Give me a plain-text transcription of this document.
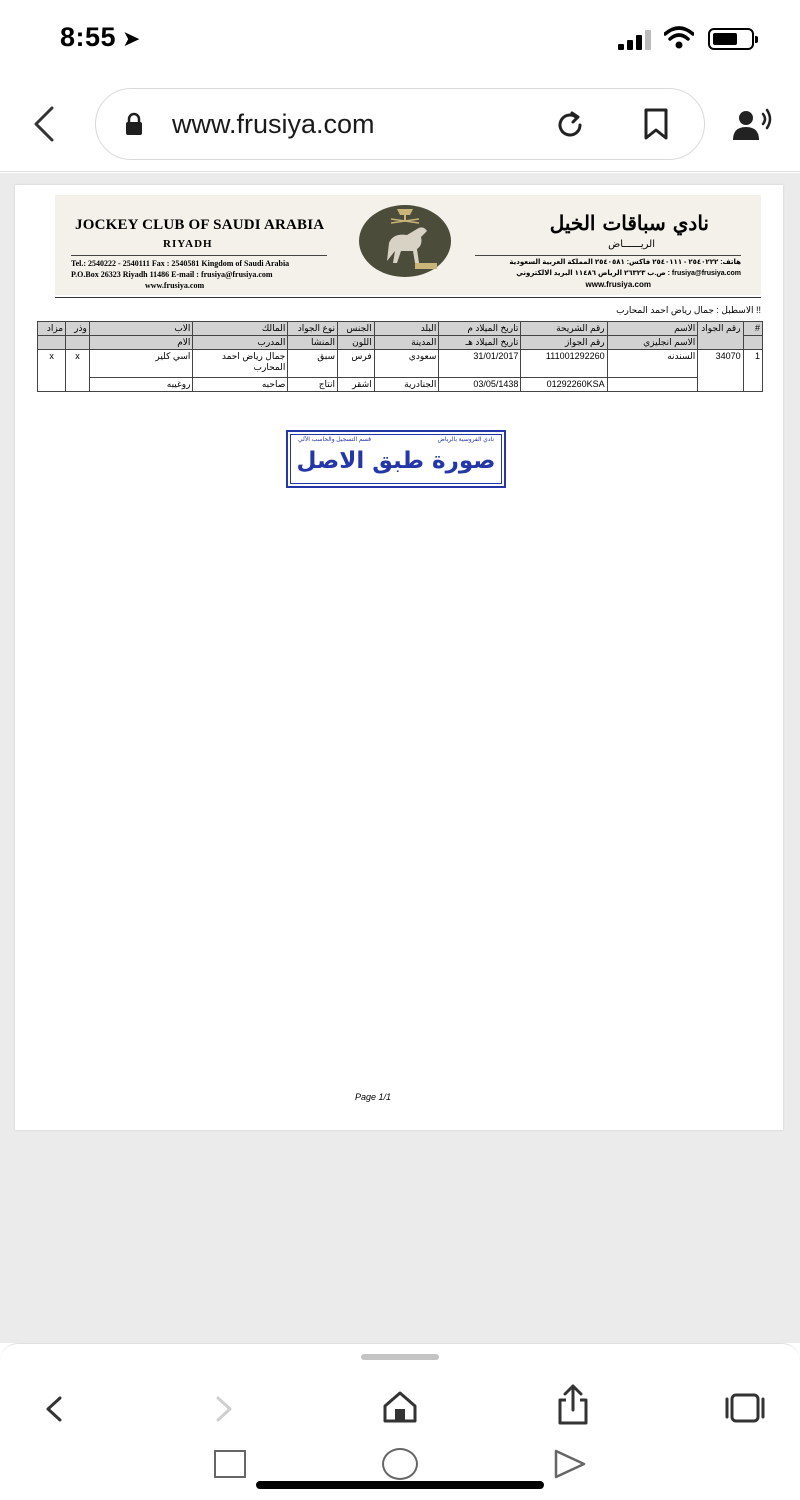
8:55 ➤
www.frusiya.com
JOCKEY CLUB OF SAUDI ARABIA
RIYADH
Tel.: 2540222 - 2540111 Fax : 2540581 Kingdom of Saudi Arabia
P.O.Box 26323 Riyadh 11486 E-mail : frusiya@frusiya.com
www.frusiya.com
نادي سباقات الخيل
الريــــــاض
هاتف: ٢٥٤٠٢٢٢ - ٢٥٤٠١١١ فاكس: ٢٥٤٠٥٨١ المملكة العربية السعودية
frusiya@frusiya.com : ص.ب ٢٦٣٢٣ الرياض ١١٤٨٦ البريد الالكتروني
www.frusiya.com
!! الاسطبل : جمال رياض احمد المحارب
#	رقم الجواد	الاسم	رقم الشريحة	تاريخ الميلاد م	البلد	الجنس	نوع الجواد	المالك	الاب	وذر	مزاد
		الاسم انجليزي	رقم الجواز	تاريخ الميلاد هـ	المدينة	اللون	المنشا	المدرب	الام		
1	34070	السندنه	111001292260	31/01/2017	سعودي	فرس	سبق	جمال رياض احمد المحارب	اسي كلير	x	x
			01292260KSA	03/05/1438	الجنادرية	اشقر	انتاج	صاحبه	روغيبه		
نادي الفروسية بالرياض
قسم التسجيل والحاسب الآلي
صورة طبق الاصل
Page 1/1
